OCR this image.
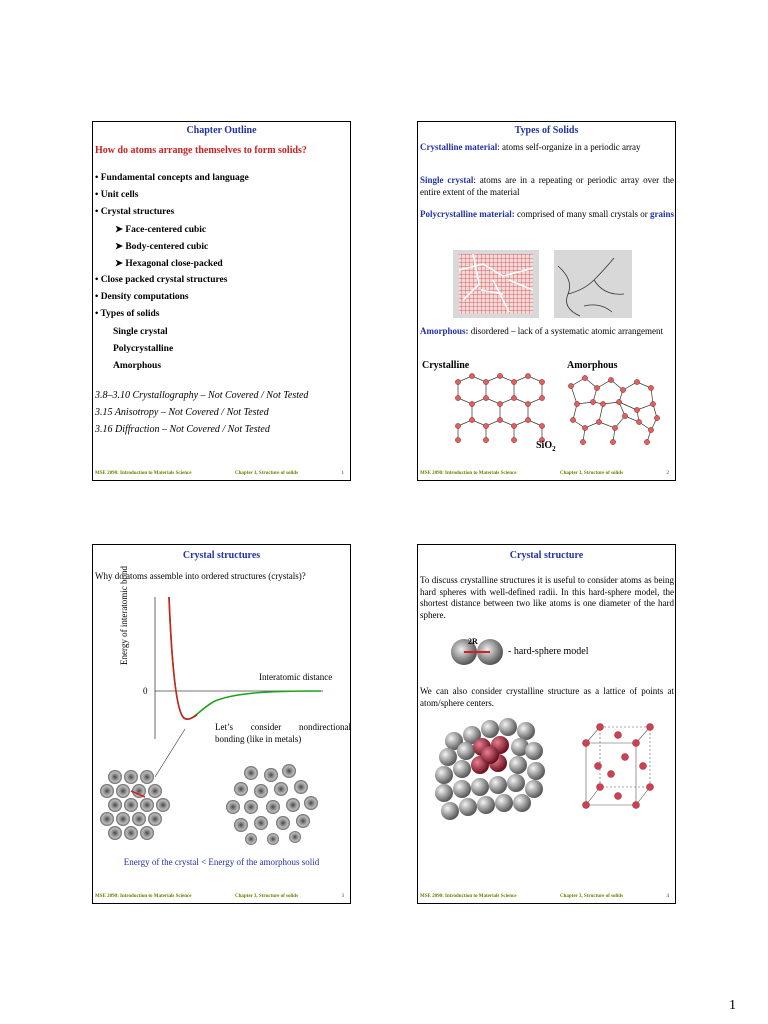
Chapter Outline
How do atoms arrange themselves to form solids?
• Fundamental concepts and language
• Unit cells
• Crystal structures
➤ Face-centered cubic
➤ Body-centered cubic
➤ Hexagonal close-packed
• Close packed crystal structures
• Density computations
• Types of solids
Single crystal
Polycrystalline
Amorphous
3.8–3.10 Crystallography – Not Covered / Not Tested
3.15 Anisotropy – Not Covered / Not Tested
3.16 Diffraction – Not Covered / Not Tested
MSE 2090: Introduction to Materials Science	Chapter 3, Structure of solids	1
Types of Solids
Crystalline material: atoms self-organize in a periodic array
Single crystal: atoms are in a repeating or periodic array over the entire extent of the material
Polycrystalline material: comprised of many small crystals or grains
Amorphous: disordered – lack of a systematic atomic arrangement
Crystalline	Amorphous
SiO$_2$
MSE 2090: Introduction to Materials Science	Chapter 3, Structure of solids	2
Crystal structures
Why do atoms assemble into ordered structures (crystals)?
Energy of interatomic bond
0
Interatomic distance
Let’s consider nondirectional bonding (like in metals)
Energy of the crystal < Energy of the amorphous solid
MSE 2090: Introduction to Materials Science	Chapter 3, Structure of solids	3
Crystal structure
To discuss crystalline structures it is useful to consider atoms as being hard spheres with well-defined radii. In this hard-sphere model, the shortest distance between two like atoms is one diameter of the hard sphere.
2R
- hard-sphere model
We can also consider crystalline structure as a lattice of points at atom/sphere centers.
MSE 2090: Introduction to Materials Science	Chapter 3, Structure of solids	4
1
